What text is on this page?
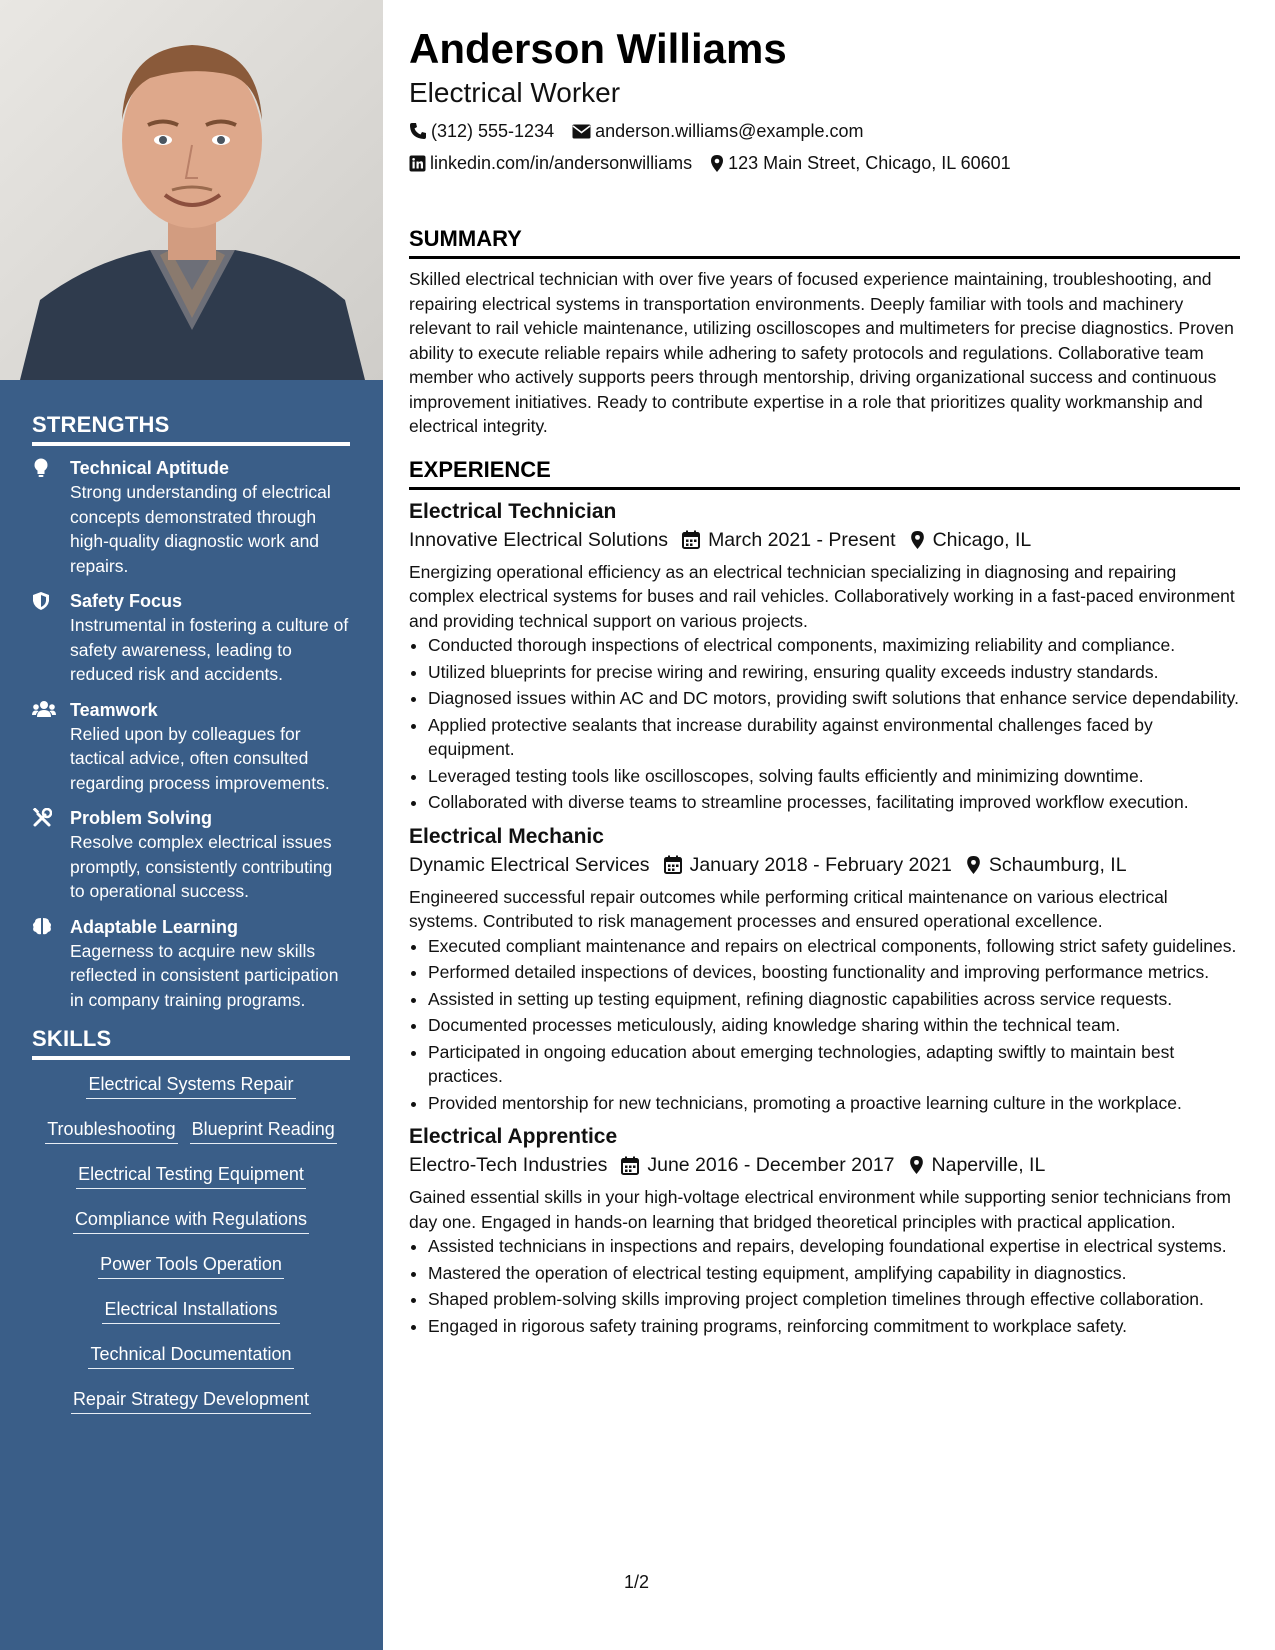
STRENGTHS
Technical Aptitude
Strong understanding of electrical concepts demonstrated through high-quality diagnostic work and repairs.
Safety Focus
Instrumental in fostering a culture of safety awareness, leading to reduced risk and accidents.
Teamwork
Relied upon by colleagues for tactical advice, often consulted regarding process improvements.
Problem Solving
Resolve complex electrical issues promptly, consistently contributing to operational success.
Adaptable Learning
Eagerness to acquire new skills reflected in consistent participation in company training programs.
SKILLS
Electrical Systems Repair
Troubleshooting Blueprint Reading
Electrical Testing Equipment
Compliance with Regulations
Power Tools Operation
Electrical Installations
Technical Documentation
Repair Strategy Development
Anderson Williams
Electrical Worker
(312) 555-1234 anderson.williams@example.com
linkedin.com/in/andersonwilliams 123 Main Street, Chicago, IL 60601
SUMMARY
Skilled electrical technician with over five years of focused experience maintaining, troubleshooting, and repairing electrical systems in transportation environments. Deeply familiar with tools and machinery relevant to rail vehicle maintenance, utilizing oscilloscopes and multimeters for precise diagnostics. Proven ability to execute reliable repairs while adhering to safety protocols and regulations. Collaborative team member who actively supports peers through mentorship, driving organizational success and continuous improvement initiatives. Ready to contribute expertise in a role that prioritizes quality workmanship and electrical integrity.
EXPERIENCE
Electrical Technician
Innovative Electrical Solutions March 2021 - Present Chicago, IL
Energizing operational efficiency as an electrical technician specializing in diagnosing and repairing complex electrical systems for buses and rail vehicles. Collaboratively working in a fast-paced environment and providing technical support on various projects.
• Conducted thorough inspections of electrical components, maximizing reliability and compliance.
• Utilized blueprints for precise wiring and rewiring, ensuring quality exceeds industry standards.
• Diagnosed issues within AC and DC motors, providing swift solutions that enhance service dependability.
• Applied protective sealants that increase durability against environmental challenges faced by equipment.
• Leveraged testing tools like oscilloscopes, solving faults efficiently and minimizing downtime.
• Collaborated with diverse teams to streamline processes, facilitating improved workflow execution.
Electrical Mechanic
Dynamic Electrical Services January 2018 - February 2021 Schaumburg, IL
Engineered successful repair outcomes while performing critical maintenance on various electrical systems. Contributed to risk management processes and ensured operational excellence.
• Executed compliant maintenance and repairs on electrical components, following strict safety guidelines.
• Performed detailed inspections of devices, boosting functionality and improving performance metrics.
• Assisted in setting up testing equipment, refining diagnostic capabilities across service requests.
• Documented processes meticulously, aiding knowledge sharing within the technical team.
• Participated in ongoing education about emerging technologies, adapting swiftly to maintain best practices.
• Provided mentorship for new technicians, promoting a proactive learning culture in the workplace.
Electrical Apprentice
Electro-Tech Industries June 2016 - December 2017 Naperville, IL
Gained essential skills in your high-voltage electrical environment while supporting senior technicians from day one. Engaged in hands-on learning that bridged theoretical principles with practical application.
• Assisted technicians in inspections and repairs, developing foundational expertise in electrical systems.
• Mastered the operation of electrical testing equipment, amplifying capability in diagnostics.
• Shaped problem-solving skills improving project completion timelines through effective collaboration.
• Engaged in rigorous safety training programs, reinforcing commitment to workplace safety.
1/2
